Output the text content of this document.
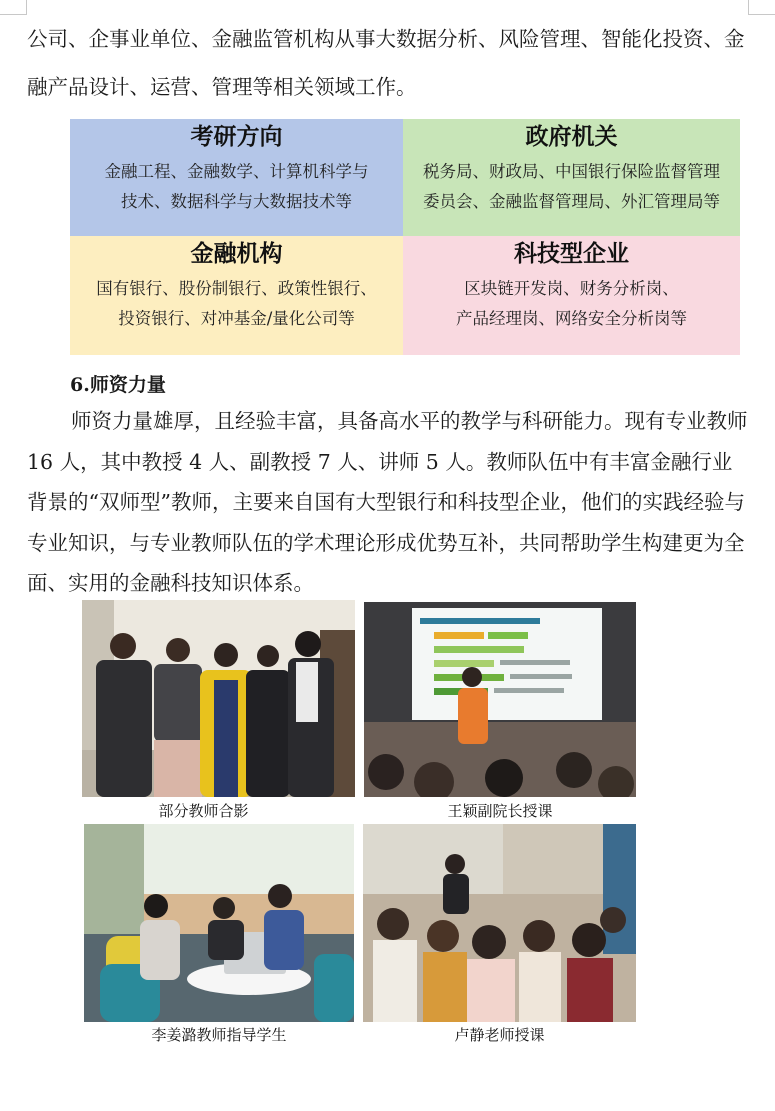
公司、企事业单位、金融监管机构从事大数据分析、风险管理、智能化投资、金融产品设计、运营、管理等相关领域工作。

考研方向
金融工程、金融数学、计算机科学与
技术、数据科学与大数据技术等
政府机关
税务局、财政局、中国银行保险监督管理
委员会、金融监督管理局、外汇管理局等
金融机构
国有银行、股份制银行、政策性银行、
投资银行、对冲基金/量化公司等
科技型企业
区块链开发岗、财务分析岗、
产品经理岗、网络安全分析岗等
6.师资力量

师资力量雄厚，且经验丰富，具备高水平的教学与科研能力。现有专业教师 16 人，其中教授 4 人、副教授 7 人、讲师 5 人。教师队伍中有丰富金融行业背景的“双师型”教师，主要来自国有大型银行和科技型企业，他们的实践经验与专业知识，与专业教师队伍的学术理论形成优势互补，共同帮助学生构建更为全面、实用的金融科技知识体系。

部分教师合影	王颖副院长授课
李姜潞教师指导学生	卢静老师授课
